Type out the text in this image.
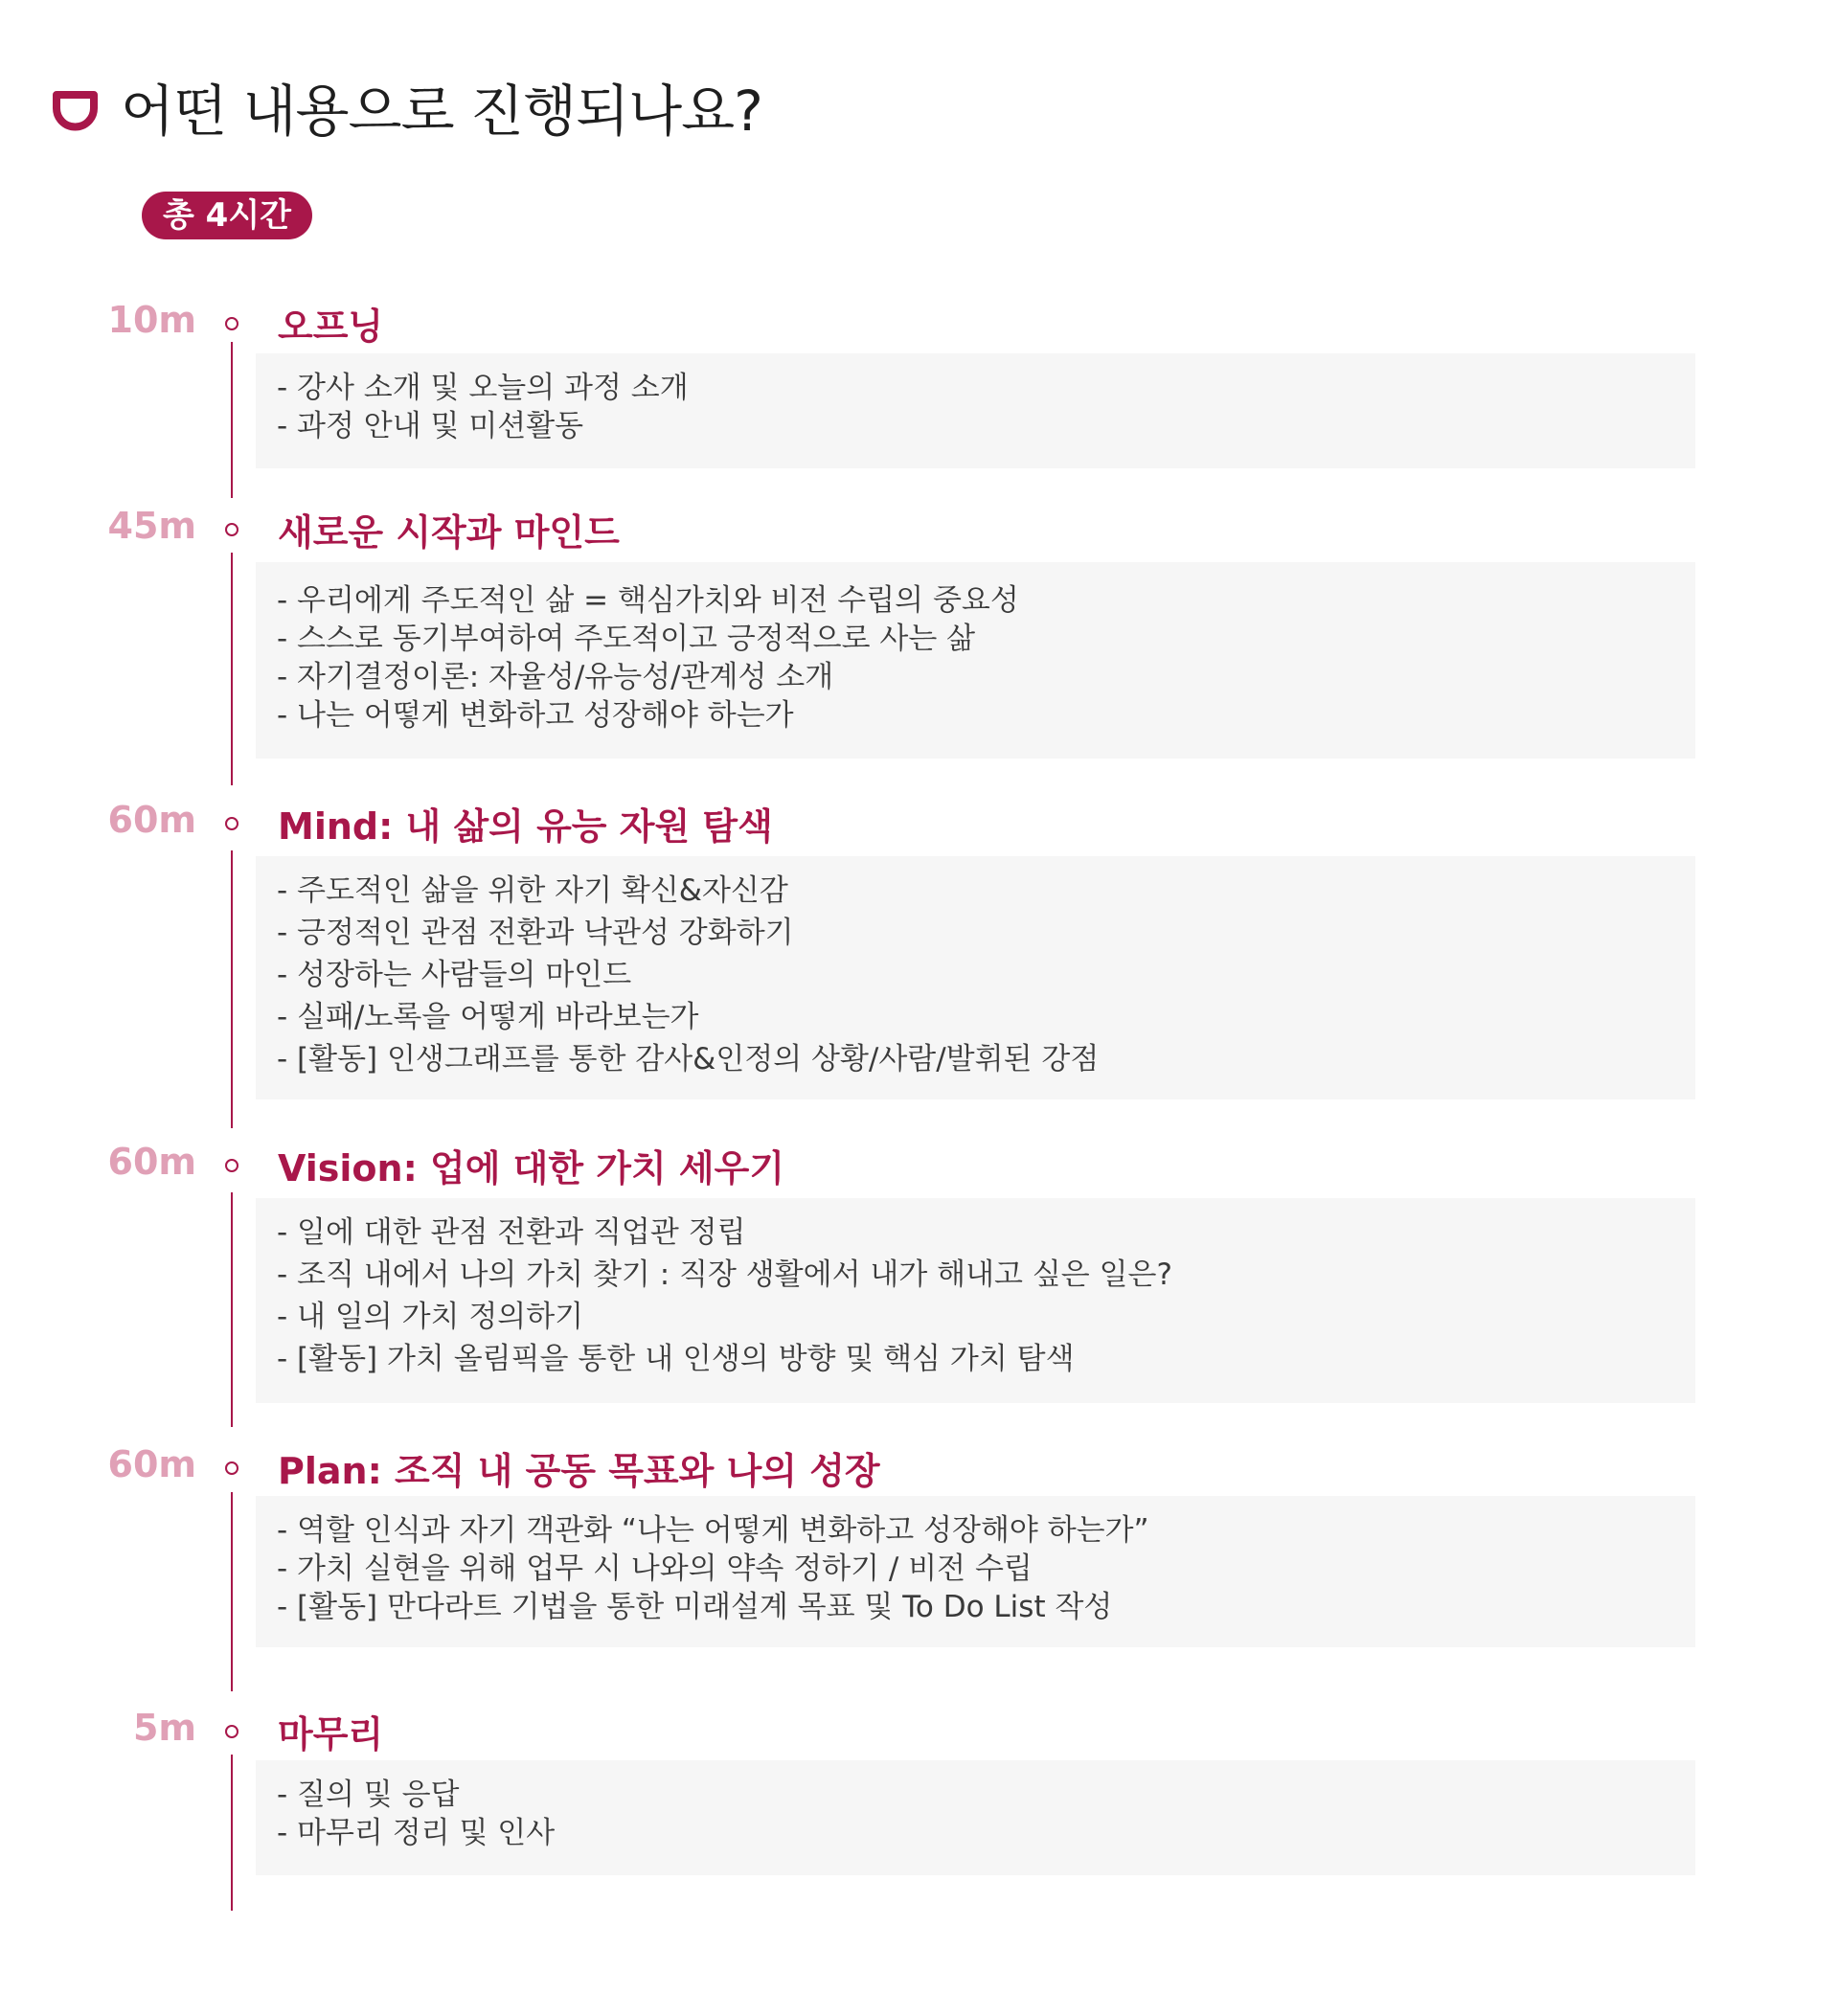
어떤 내용으로 진행되나요?
총 4시간
10m 오프닝
- 강사 소개 및 오늘의 과정 소개
- 과정 안내 및 미션활동
45m 새로운 시작과 마인드
- 우리에게 주도적인 삶 = 핵심가치와 비전 수립의 중요성
- 스스로 동기부여하여 주도적이고 긍정적으로 사는 삶
- 자기결정이론: 자율성/유능성/관계성 소개
- 나는 어떻게 변화하고 성장해야 하는가
60m Mind: 내 삶의 유능 자원 탐색
- 주도적인 삶을 위한 자기 확신&자신감
- 긍정적인 관점 전환과 낙관성 강화하기
- 성장하는 사람들의 마인드
- 실패/노록을 어떻게 바라보는가
- [활동] 인생그래프를 통한 감사&인정의 상황/사람/발휘된 강점
60m Vision: 업에 대한 가치 세우기
- 일에 대한 관점 전환과 직업관 정립
- 조직 내에서 나의 가치 찾기 : 직장 생활에서 내가 해내고 싶은 일은?
- 내 일의 가치 정의하기
- [활동] 가치 올림픽을 통한 내 인생의 방향 및 핵심 가치 탐색
60m Plan: 조직 내 공동 목표와 나의 성장
- 역할 인식과 자기 객관화 “나는 어떻게 변화하고 성장해야 하는가”
- 가치 실현을 위해 업무 시 나와의 약속 정하기 / 비전 수립
- [활동] 만다라트 기법을 통한 미래설계 목표 및 To Do List 작성
5m 마무리
- 질의 및 응답
- 마무리 정리 및 인사
